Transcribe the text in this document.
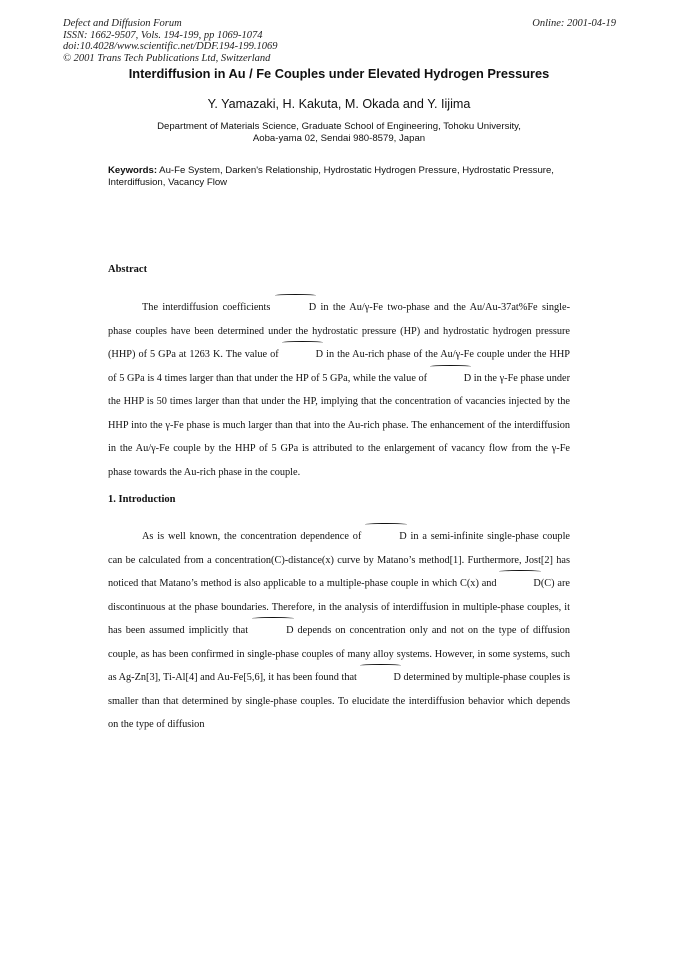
Defect and Diffusion Forum
ISSN: 1662-9507, Vols. 194-199, pp 1069-1074
doi:10.4028/www.scientific.net/DDF.194-199.1069
© 2001 Trans Tech Publications Ltd, Switzerland
Online: 2001-04-19
Interdiffusion in Au / Fe Couples under Elevated Hydrogen Pressures
Y. Yamazaki, H. Kakuta, M. Okada and Y. Iijima
Department of Materials Science, Graduate School of Engineering, Tohoku University,
Aoba-yama 02, Sendai 980-8579, Japan
Keywords: Au-Fe System, Darken's Relationship, Hydrostatic Hydrogen Pressure, Hydrostatic Pressure, Interdiffusion, Vacancy Flow
Abstract
The interdiffusion coefficients	D in the Au/γ-Fe two-phase and the Au/Au-37at%Fe single-phase couples have been determined under the hydrostatic pressure (HP) and hydrostatic hydrogen pressure (HHP) of 5 GPa at 1263 K. The value of	D in the Au-rich phase of the Au/γ-Fe couple under the HHP of 5 GPa is 4 times larger than that under the HP of 5 GPa, while the value of	D in the γ-Fe phase under the HHP is 50 times larger than that under the HP, implying that the concentration of vacancies injected by the HHP into the γ-Fe phase is much larger than that into the Au-rich phase. The enhancement of the interdiffusion in the Au/γ-Fe couple by the HHP of 5 GPa is attributed to the enlargement of vacancy flow from the γ-Fe phase towards the Au-rich phase in the couple.
1. Introduction
As is well known, the concentration dependence of	D in a semi-infinite single-phase couple can be calculated from a concentration(C)-distance(x) curve by Matano’s method[1]. Furthermore, Jost[2] has noticed that Matano’s method is also applicable to a multiple-phase couple in which C(x) and	D(C) are discontinuous at the phase boundaries. Therefore, in the analysis of interdiffusion in multiple-phase couples, it has been assumed implicitly that	D depends on concentration only and not on the type of diffusion couple, as has been confirmed in single-phase couples of many alloy systems. However, in some systems, such as Ag-Zn[3], Ti-Al[4] and Au-Fe[5,6], it has been found that	D determined by multiple-phase couples is smaller than that determined by single-phase couples. To elucidate the interdiffusion behavior which depends on the type of diffusion
